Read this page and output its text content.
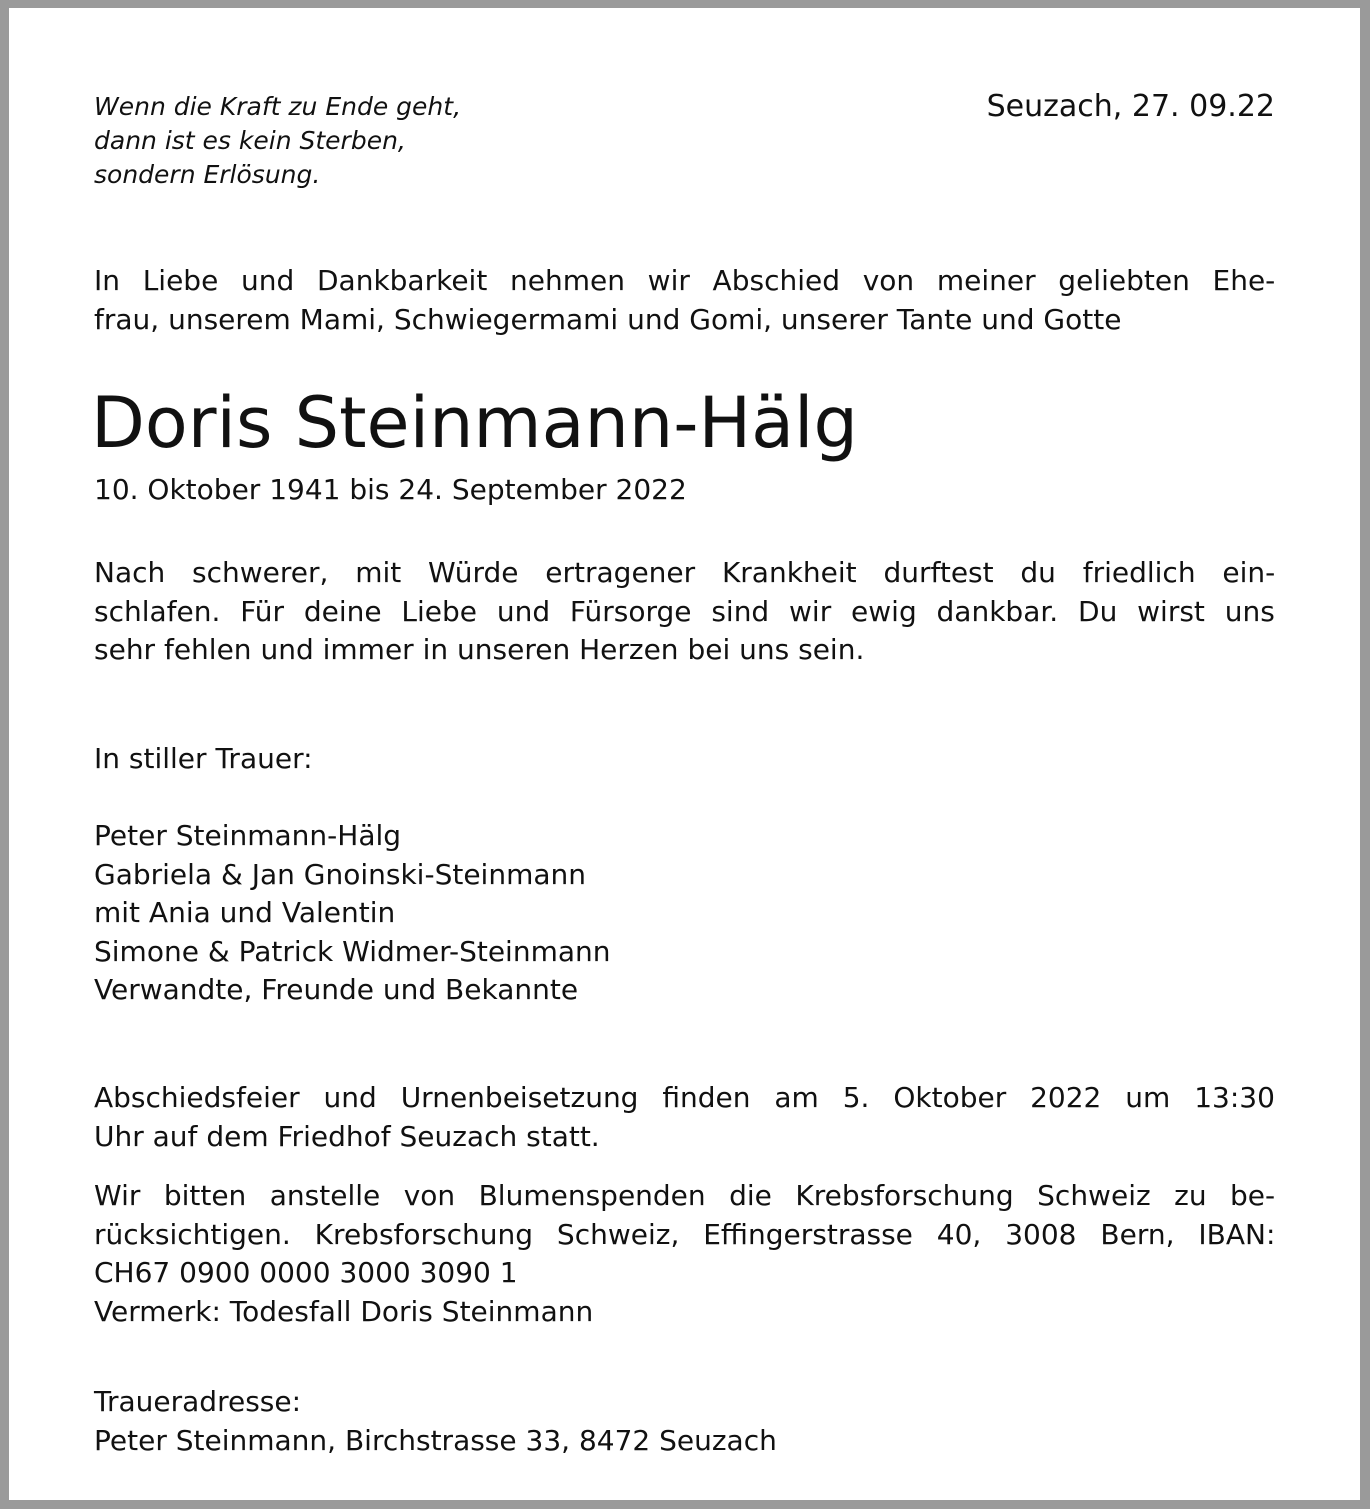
Wenn die Kraft zu Ende geht,
dann ist es kein Sterben,
sondern Erlösung.
Seuzach, 27. 09.22
In Liebe und Dankbarkeit nehmen wir Abschied von meiner geliebten Ehe-
frau, unserem Mami, Schwiegermami und Gomi, unserer Tante und Gotte
Doris Steinmann-Hälg
10. Oktober 1941 bis 24. September 2022
Nach schwerer, mit Würde ertragener Krankheit durftest du friedlich ein-
schlafen. Für deine Liebe und Fürsorge sind wir ewig dankbar. Du wirst uns
sehr fehlen und immer in unseren Herzen bei uns sein.
In stiller Trauer:
Peter Steinmann-Hälg
Gabriela & Jan Gnoinski-Steinmann
mit Ania und Valentin
Simone & Patrick Widmer-Steinmann
Verwandte, Freunde und Bekannte
Abschiedsfeier und Urnenbeisetzung finden am 5. Oktober 2022 um 13:30
Uhr auf dem Friedhof Seuzach statt.
Wir bitten anstelle von Blumenspenden die Krebsforschung Schweiz zu be-
rücksichtigen. Krebsforschung Schweiz, Effingerstrasse 40, 3008 Bern, IBAN:
CH67 0900 0000 3000 3090 1
Vermerk: Todesfall Doris Steinmann
Traueradresse:
Peter Steinmann, Birchstrasse 33, 8472 Seuzach
